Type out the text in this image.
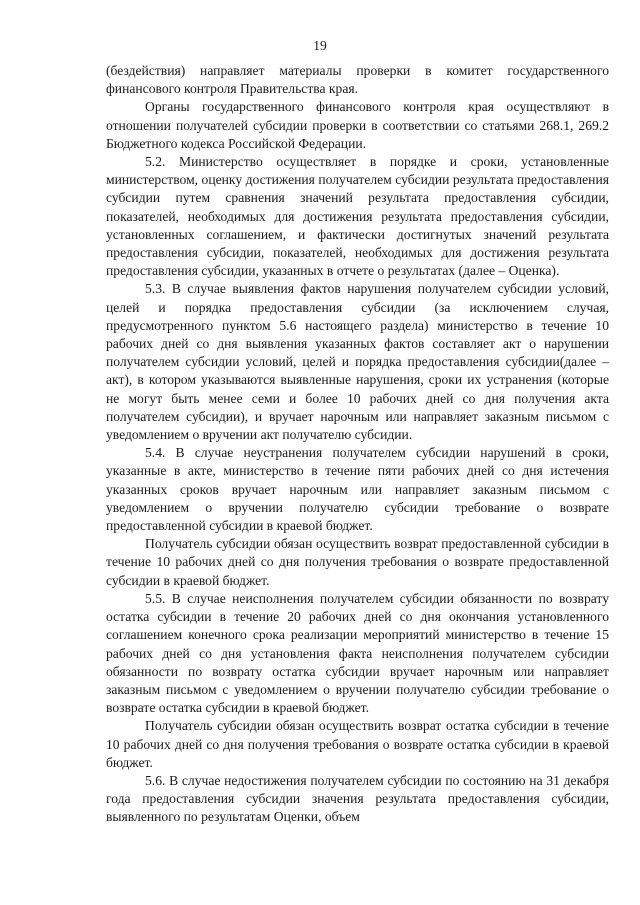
19

(бездействия) направляет материалы проверки в комитет государственного финансового контроля Правительства края.

Органы государственного финансового контроля края осуществляют в отношении получателей субсидии проверки в соответствии со статьями 268.1, 269.2 Бюджетного кодекса Российской Федерации.

5.2. Министерство осуществляет в порядке и сроки, установленные министерством, оценку достижения получателем субсидии результата предоставления субсидии путем сравнения значений результата предоставления субсидии, показателей, необходимых для достижения результата предоставления субсидии, установленных соглашением, и фактически достигнутых значений результата предоставления субсидии, показателей, необходимых для достижения результата предоставления субсидии, указанных в отчете о результатах (далее – Оценка).

5.3. В случае выявления фактов нарушения получателем субсидии условий, целей и порядка предоставления субсидии (за исключением случая, предусмотренного пунктом 5.6 настоящего раздела) министерство в течение 10 рабочих дней со дня выявления указанных фактов составляет акт о нарушении получателем субсидии условий, целей и порядка предоставления субсидии(далее – акт), в котором указываются выявленные нарушения, сроки их устранения (которые не могут быть менее семи и более 10 рабочих дней со дня получения акта получателем субсидии), и вручает нарочным или направляет заказным письмом с уведомлением о вручении акт получателю субсидии.

5.4. В случае неустранения получателем субсидии нарушений в сроки, указанные в акте, министерство в течение пяти рабочих дней со дня истечения указанных сроков вручает нарочным или направляет заказным письмом с уведомлением о вручении получателю субсидии требование о возврате предоставленной субсидии в краевой бюджет.

Получатель субсидии обязан осуществить возврат предоставленной субсидии в течение 10 рабочих дней со дня получения требования о возврате предоставленной субсидии в краевой бюджет.

5.5. В случае неисполнения получателем субсидии обязанности по возврату остатка субсидии в течение 20 рабочих дней со дня окончания установленного соглашением конечного срока реализации мероприятий министерство в течение 15 рабочих дней со дня установления факта неисполнения получателем субсидии обязанности по возврату остатка субсидии вручает нарочным или направляет заказным письмом с уведомлением о вручении получателю субсидии требование о возврате остатка субсидии в краевой бюджет.

Получатель субсидии обязан осуществить возврат остатка субсидии в течение 10 рабочих дней со дня получения требования о возврате остатка субсидии в краевой бюджет.

5.6. В случае недостижения получателем субсидии по состоянию на 31 декабря года предоставления субсидии значения результата предоставления субсидии, выявленного по результатам Оценки, объем
